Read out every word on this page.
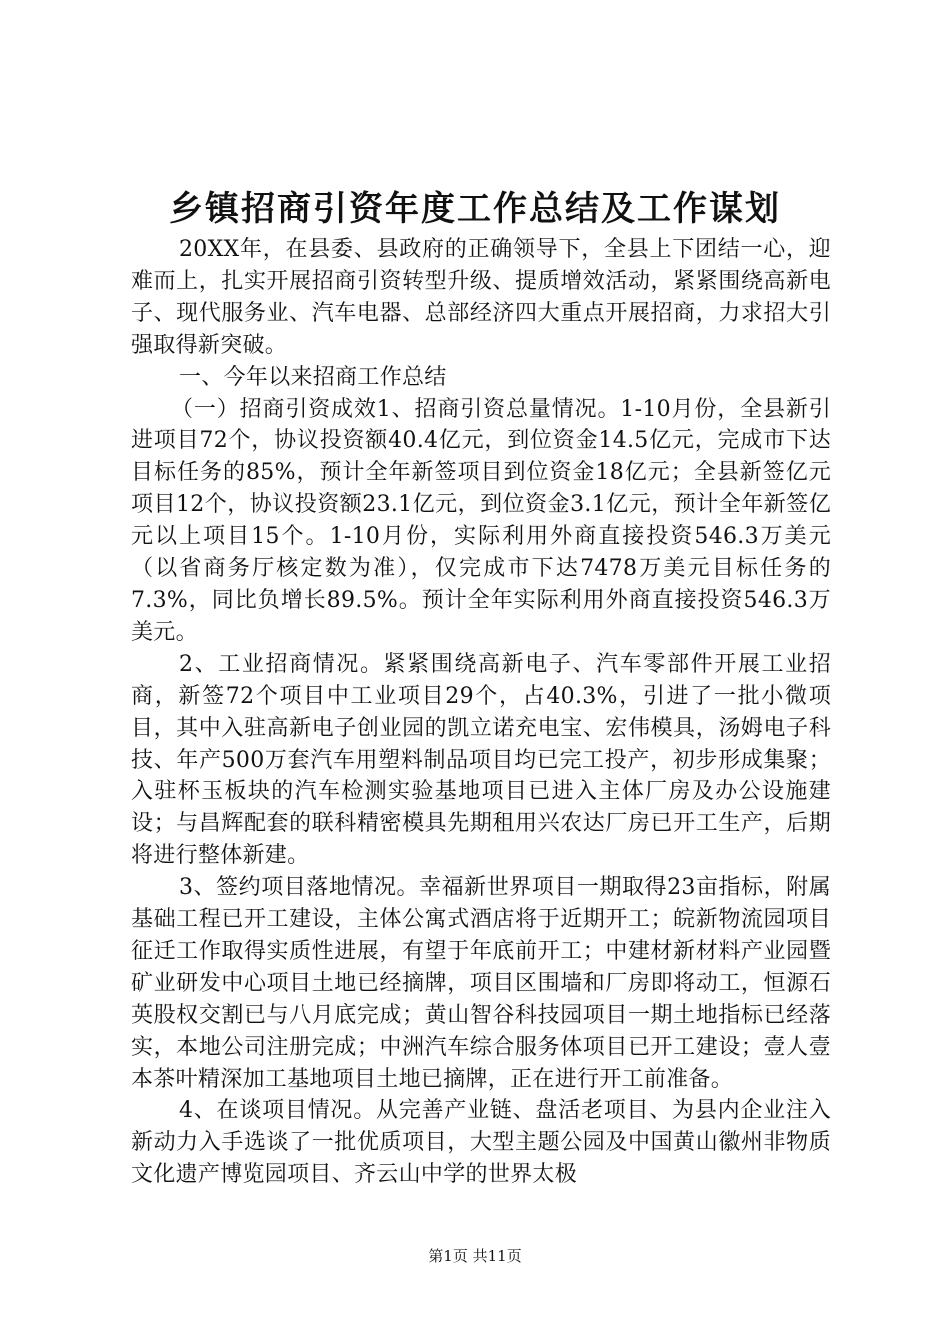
乡镇招商引资年度工作总结及工作谋划

20XX年，在县委、县政府的正确领导下，全县上下团结一心，迎难而上，扎实开展招商引资转型升级、提质增效活动，紧紧围绕高新电子、现代服务业、汽车电器、总部经济四大重点开展招商，力求招大引强取得新突破。

一、今年以来招商工作总结

（一）招商引资成效1、招商引资总量情况。1-10月份，全县新引进项目72个，协议投资额40.4亿元，到位资金14.5亿元，完成市下达目标任务的85%，预计全年新签项目到位资金18亿元；全县新签亿元项目12个，协议投资额23.1亿元，到位资金3.1亿元，预计全年新签亿元以上项目15个。1-10月份，实际利用外商直接投资546.3万美元（以省商务厅核定数为准），仅完成市下达7478万美元目标任务的7.3%，同比负增长89.5%。预计全年实际利用外商直接投资546.3万美元。

2、工业招商情况。紧紧围绕高新电子、汽车零部件开展工业招商，新签72个项目中工业项目29个，占40.3%，引进了一批小微项目，其中入驻高新电子创业园的凯立诺充电宝、宏伟模具，汤姆电子科技、年产500万套汽车用塑料制品项目均已完工投产，初步形成集聚；入驻杯玉板块的汽车检测实验基地项目已进入主体厂房及办公设施建设；与昌辉配套的联科精密模具先期租用兴农达厂房已开工生产，后期将进行整体新建。

3、签约项目落地情况。幸福新世界项目一期取得23亩指标，附属基础工程已开工建设，主体公寓式酒店将于近期开工；皖新物流园项目征迁工作取得实质性进展，有望于年底前开工；中建材新材料产业园暨矿业研发中心项目土地已经摘牌，项目区围墙和厂房即将动工，恒源石英股权交割已与八月底完成；黄山智谷科技园项目一期土地指标已经落实，本地公司注册完成；中洲汽车综合服务体项目已开工建设；壹人壹本茶叶精深加工基地项目土地已摘牌，正在进行开工前准备。

4、在谈项目情况。从完善产业链、盘活老项目、为县内企业注入新动力入手选谈了一批优质项目，大型主题公园及中国黄山徽州非物质文化遗产博览园项目、齐云山中学的世界太极

第1页 共11页
